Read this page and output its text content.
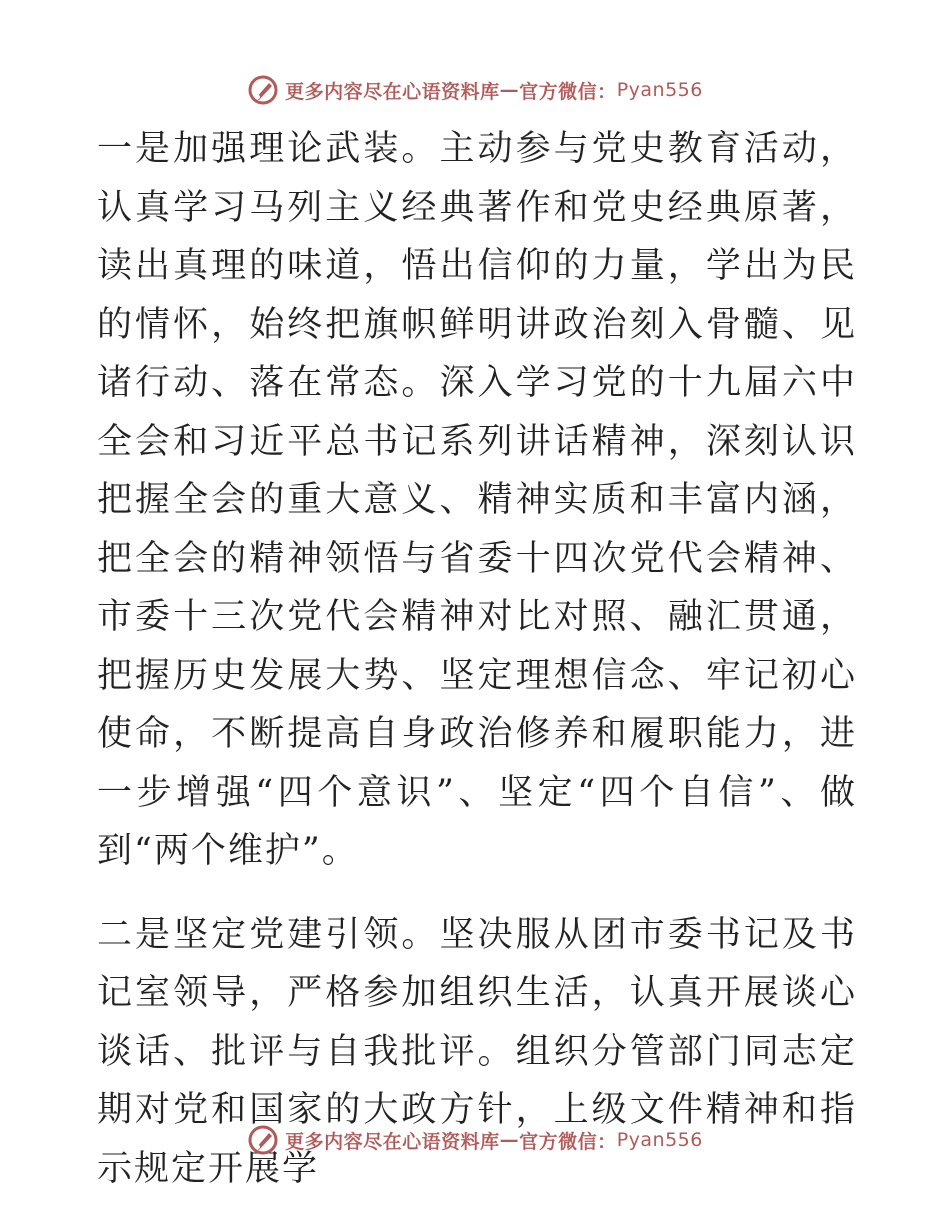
更多内容尽在心语资料库 — 官方微信： Pyan556

一是加强理论武装。主动参与党史教育活动，认真学习马列主义经典著作和党史经典原著，读出真理的味道，悟出信仰的力量，学出为民的情怀，始终把旗帜鲜明讲政治刻入骨髓、见诸行动、落在常态。深入学习党的十九届六中全会和习近平总书记系列讲话精神，深刻认识把握全会的重大意义、精神实质和丰富内涵，把全会的精神领悟与省委十四次党代会精神、市委十三次党代会精神对比对照、融汇贯通，把握历史发展大势、坚定理想信念、牢记初心使命，不断提高自身政治修养和履职能力，进一步增强“四个意识”、坚定“四个自信”、做到“两个维护”。

二是坚定党建引领。坚决服从团市委书记及书记室领导，严格参加组织生活，认真开展谈心谈话、批评与自我批评。组织分管部门同志定期对党和国家的大政方针，上级文件精神和指示规定开展学

更多内容尽在心语资料库 — 官方微信： Pyan556
